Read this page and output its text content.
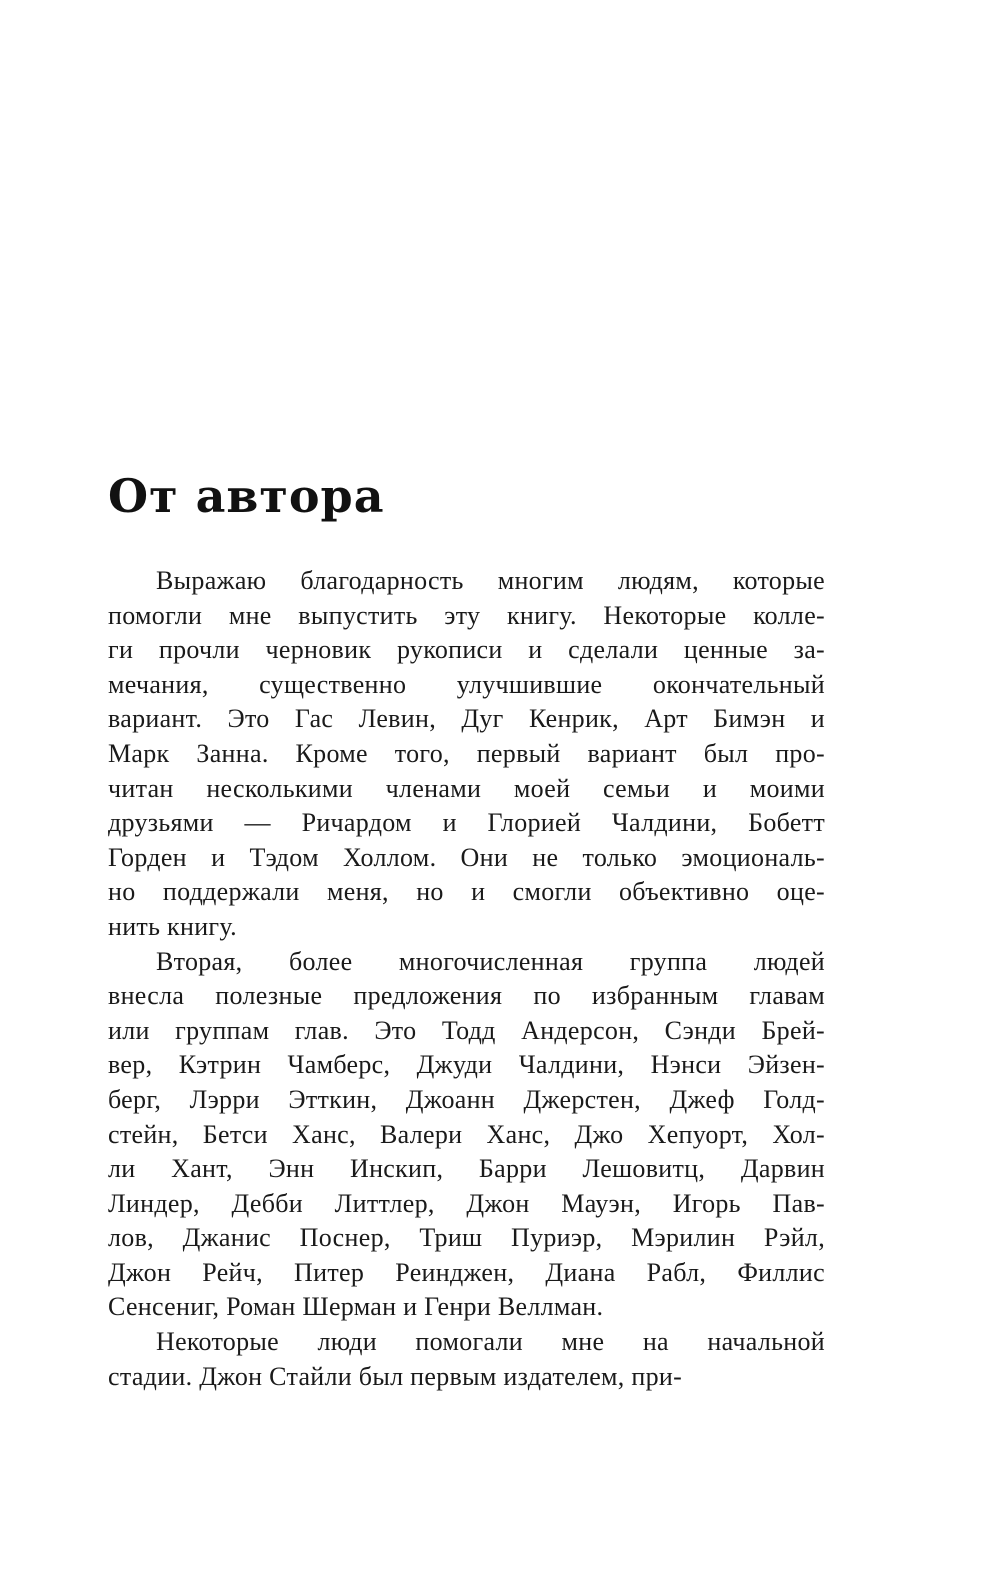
От автора
Выражаю благодарность многим людям, которые
помогли мне выпустить эту книгу. Некоторые колле-
ги прочли черновик рукописи и сделали ценные за-
мечания, существенно улучшившие окончательный
вариант. Это Гас Левин, Дуг Кенрик, Арт Бимэн и
Марк Занна. Кроме того, первый вариант был про-
читан несколькими членами моей семьи и моими
друзьями — Ричардом и Глорией Чалдини, Бобетт
Горден и Тэдом Холлом. Они не только эмоциональ-
но поддержали меня, но и смогли объективно оце-
нить книгу.
Вторая, более многочисленная группа людей
внесла полезные предложения по избранным главам
или группам глав. Это Тодд Андерсон, Сэнди Брей-
вер, Кэтрин Чамберс, Джуди Чалдини, Нэнси Эйзен-
берг, Лэрри Этткин, Джоанн Джерстен, Джеф Голд-
стейн, Бетси Ханс, Валери Ханс, Джо Хепуорт, Хол-
ли Хант, Энн Инскип, Барри Лешовитц, Дарвин
Линдер, Дебби Литтлер, Джон Мауэн, Игорь Пав-
лов, Джанис Поснер, Триш Пуриэр, Мэрилин Рэйл,
Джон Рейч, Питер Реинджен, Диана Рабл, Филлис
Сенсениг, Роман Шерман и Генри Веллман.
Некоторые люди помогали мне на начальной
стадии. Джон Стайли был первым издателем, при-
